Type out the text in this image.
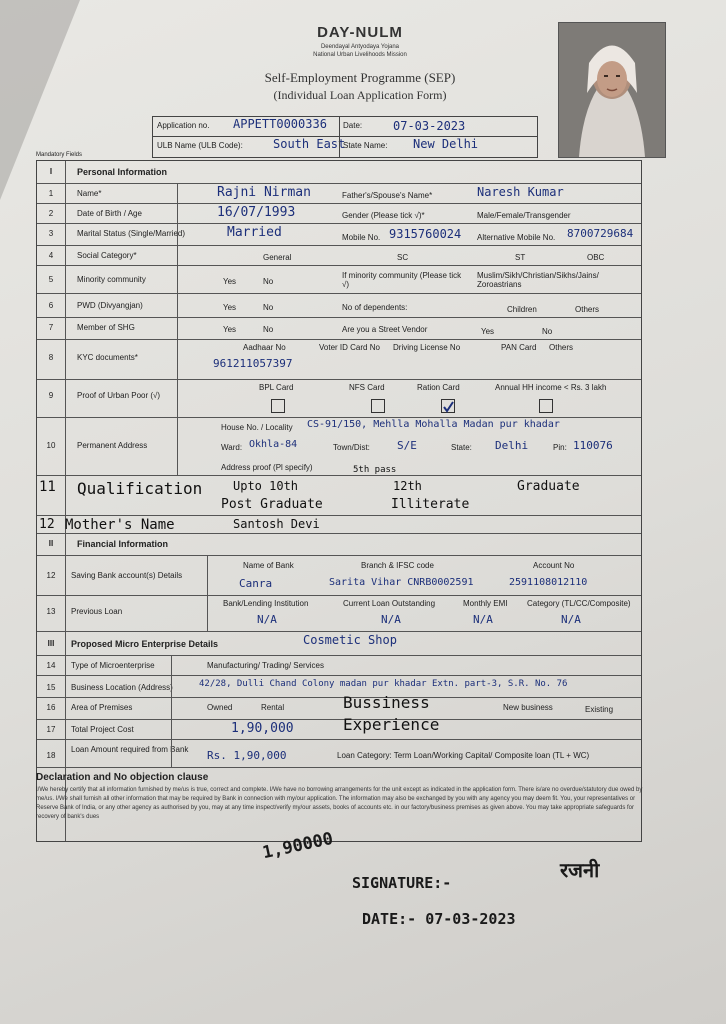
DAY-NULM
Deendayal Antyodaya Yojana
National Urban Livelihoods Mission
Self-Employment Programme (SEP)
(Individual Loan Application Form)
Application no. APPETT0000336 Date:	07-03-2023
ULB Name (ULB Code):	South East
State Name: New Delhi
Mandatory Fields
I	Personal Information
1	Name*	Rajni Nirman	Father's/Spouse's Name*	Naresh Kumar
2	Date of Birth / Age	16/07/1993	Gender (Please tick √)*	Male/Female/Transgender
3	Marital Status (Single/Married)	Married	Mobile No. 9315760024 Alternative Mobile No. 8700729684
4	Social Category*	General	SC	ST	OBC
5	Minority community	Yes	No
If minority community (Please tick √)
Muslim/Sikh/Christian/Sikhs/Jains/ Zoroastrians
6	PWD (Divyangjan)	Yes	No	No of dependents:	Children	Others
7	Member of SHG	Yes	No	Are you a Street Vendor	Yes	No
8	KYC documents*
Aadhaar No	Voter ID Card No Driving License No	PAN Card Others
961211057397
9	Proof of Urban Poor (√)
BPL Card	NFS Card	Ration Card	Annual HH income < Rs. 3 lakh
10	Permanent Address
House No. / Locality CS-91/150, Mehlla Mohalla Madan pur khadar
Ward: Okhla-84	Town/Dist: S/E	State: Delhi	Pin: 110076
Address proof (Pl specify)
11 Qualification	Upto 10th	12th	Graduate
Post Graduate	Illiterate
5th pass
12 Mother's Name	Santosh Devi
II	Financial Information
12	Saving Bank account(s) Details
Name of Bank	Branch & IFSC code	Account No
Canra	Sarita Vihar CNRB0002591	2591108012110
13	Previous Loan
Bank/Lending Institution	Current Loan Outstanding	Monthly EMI Category (TL/CC/Composite)
N/A	N/A	N/A	N/A
III	Proposed Micro Enterprise Details	Cosmetic Shop
14	Type of Microenterprise	Manufacturing/ Trading/ Services
15	Business Location (Address)	42/28, Dulli Chand Colony madan pur khadar Extn. part-3, S.R. No. 76
16	Area of Premises	Owned	Rental	Bussiness	New business	Existing
17	Total Project Cost	1,90,000	Experience
18
Loan Amount required from Bank Rs. 1,90,000	Loan Category: Term Loan/Working Capital/ Composite loan (TL + WC)
Declaration and No objection clause
I/We hereby certify that all information furnished by me/us is true, correct and complete. I/We have no borrowing arrangements for the unit except as indicated in the application form. There is/are no overdue/statutory due owed by me/us. I/We shall furnish all other information that may be required by Bank in connection with my/our application. The information may also be exchanged by you with any agency you may deem fit. You, your representatives or Reserve Bank of India, or any other agency as authorised by you, may at any time inspect/verify my/our assets, books of accounts etc. in our factory/business premises as given above. You may take appropriate safeguards for recovery of bank's dues
1,90000
SIGNATURE:-
रजनी
DATE:- 07-03-2023
